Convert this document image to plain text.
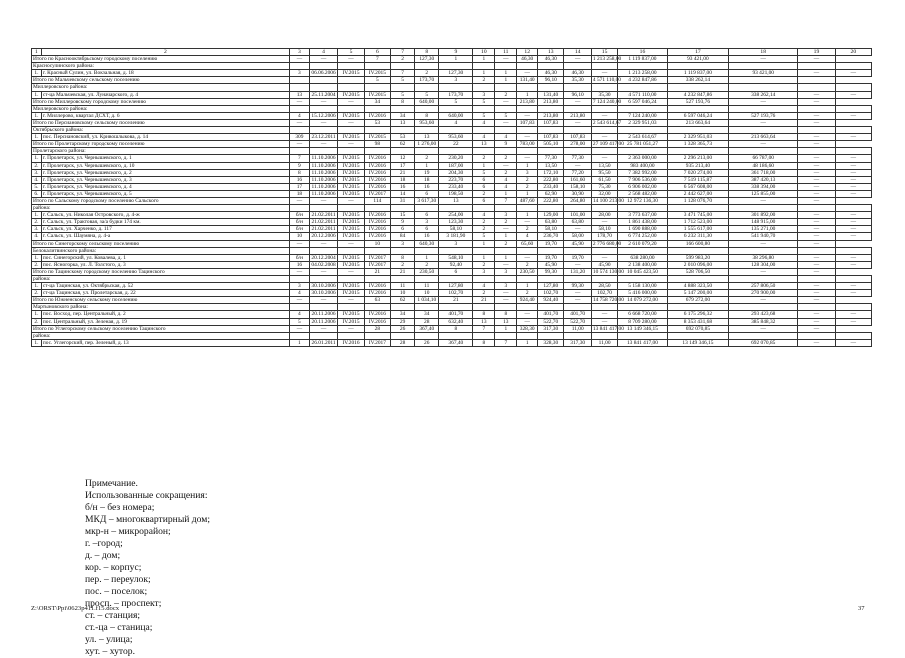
1	2	3	4	5	6	7	8	9	10	11	12	13	14	15	16	17	18	19	20
Итого по Краснооктябрьскому городскому поселению		—	—	—	7	2	127,30	1	1	—	46,30	46,30	—	1 213 258,00	1 119 837,00	93 421,00	—	—	
Красносулинского района:																			
1.	г. Красный Сулин, ул. Вокзальная, д. 18	3	06.06.2006	IV.2015	IV.2015	7	2	127,30	1	1	—	46,30	46,30	—	1 213 258,00	1 119 837,00	93 421,00	—	—
Итого по Мальчевскому сельскому поселению					5	5	173,70	3	2	1	131,40	96,10	35,30	4 571 110,00	4 232 847,86	338 262,14			
Миллеровского района:																			
1.	ст-ца Мальчевская, ул. Луначарского, д. 4	13	25.11.2004	IV.2015	IV.2015	5	5	173,70	3	2	1	131,40	96,10	35,30	4 571 110,00	4 232 847,86	338 262,14	—	—
Итого по Миллеровскому городскому поселению		—	—	—	34	8	640,00	5	5	—	213,80	213,80	—	7 124 240,00	6 597 046,24	527 193,76	—	—	
Миллеровского района:																			
1.	г. Миллерово, квартал ДСХТ, д. 6	4	15.12.2006	IV.2015	IV.2016	34	8	640,00	5	5	—	213,80	213,80	—	7 124 240,00	6 597 046,24	527 193,76	—	—
Итого по Персиановскому сельскому поселению		—	—	—	53	13	953,60	4	4	—	107,83	107,83	—	2 543 614,67	2 329 951,03	213 663,64	—	—	
Октябрьского района:																			
1.	пос. Персиановский, ул. Кривошлыкова, д. 14	309	23.12.2011	IV.2015	IV.2015	53	13	953,60	4	4	—	107,83	107,83	—	2 543 614,67	2 329 951,03	213 663,64	—	—
Итого по Пролетарскому городскому поселению		—	—	—	98	62	1 276,00	22	13	9	783,00	505,10	278,00	27 109 417,00	25 781 051,27	1 328 365,73	—	—	
Пролетарского района:																			
1.	г. Пролетарск, ул. Чернышевского, д. 1	7	11.10.2006	IV.2015	IV.2016	12	2	230,20	2	2	—	77,30	77,30	—	2 363 000,00	2 296 213,00	66 787,00	—	—
2.	г. Пролетарск, ул. Чернышевского, д. 10	9	11.10.2006	IV.2015	IV.2016	17	1	187,00	1	—	1	13,50	—	13,50	983 400,00	935 213,40	48 186,60	—	—
3.	г. Пролетарск, ул. Чернышевского, д. 2	8	11.10.2006	IV.2015	IV.2016	21	19	204,30	5	2	3	172,10	77,20	95,50	7 382 992,00	7 020 274,00	361 718,00	—	—
4.	г. Пролетарск, ул. Чернышевского, д. 3	16	11.10.2006	IV.2015	IV.2016	18	18	223,70	6	4	2	222,80	161,60	61,50	7 906 536,00	7 519 115,87	387 420,13	—	—
5.	г. Пролетарск, ул. Чернышевского, д. 4	17	11.10.2006	IV.2015	IV.2016	16	16	233,40	6	4	2	233,40	158,10	75,30	6 906 002,00	6 567 608,00	338 394,00	—	—
6.	г. Пролетарск, ул. Чернышевского, д. 5	18	11.10.2006	IV.2015	IV.2017	14	6	198,50	2	1	1	62,90	30,90	32,00	2 568 482,00	2 442 627,00	125 855,00	—	—
Итого по Сальскому городскому поселению Сальского		—	—	—	114	31	3 617,30	13	6	7	487,60	222,80	264,80	14 100 213,00	12 972 136,30	1 128 076,70	—	—	
района:																			
1.	г. Сальск, ул. Николая Островского, д. 4-ж	б/н	21.02.2011	IV.2015	IV.2016	15	6	254,00	4	3	1	129,00	101,00	28,00	3 773 637,00	3 471 745,00	301 892,00	—	—
2.	г. Сальск, ул. Трактовая, за/а будки 174 км.	б/н	21.02.2011	IV.2015	IV.2016	9	3	123,30	2	2	—	63,80	63,80	—	1 861 438,00	1 712 523,00	148 915,00	—	—
3.	г. Сальск, ул. Харченко, д. 117	б/н	21.02.2011	IV.2015	IV.2016	6	6	58,10	2	—	2	58,10	—	58,10	1 690 888,00	1 555 617,00	135 271,00	—	—
4.	г. Сальск, ул. Шаумяна, д. 4-а	10	20.12.2006	IV.2015	IV.2016	84	16	3 181,90	5	1	4	236,70	58,00	178,70	6 774 252,00	6 232 311,30	541 940,70	—	—
Итого по Синегорскому сельскому поселению		—	—	—	10	3	640,30	3	1	2	65,60	19,70	45,90	2 776 680,00	2 610 079,20	166 600,80	—	—	
Белокалитвинского района:																			
1.	пос. Синегорский, ул. Ковалева, д. 1	б/н	20.12.2004	IV.2015	IV.2017	8	1	548,10	1	1	—	19,70	19,70	—	638 280,00	599 983,20	38 296,80	—	—
2.	пос. Ясногорка, ул. Л. Толстого, д. 3	16	04.02.2008	IV.2015	IV.2017	2	2	92,40	2	—	2	45,90	—	45,90	2 138 400,00	2 010 096,00	128 304,00	—	—
Итого по Тацинскому городскому поселению Тацинского		—	—	—	21	21	230,50	6	3	3	230,50	99,30	131,20	10 574 130,00	10 045 423,50	528 706,50	—	—	
района:																			
1.	ст-ца Тацинская, ул. Октябрьская, д. 52	3	30.10.2006	IV.2015	IV.2016	11	11	127,80	4	3	1	127,80	99,30	28,50	5 158 130,00	4 888 323,50	257 806,50	—	—
2.	ст-ца Тацинская, ул. Пролетарская, д. 22	4	30.10.2006	IV.2015	IV.2016	10	10	102,70	2	—	2	102,70	—	102,70	5 416 000,00	5 147 200,00	270 900,00	—	—
Итого по Южненскому сельскому поселению		—	—	—	63	62	1 034,10	21	21	—	924,40	924,40	—	14 758 720,00	14 079 272,00	679 272,00	—	—	
Мартыновского района:																			
1.	пос. Восход, пер. Центральный, д. 2	4	20.11.2006	IV.2015	IV.2016	34	34	401,70	8	8	—	401,70	401,70	—	6 668 720,00	6 175 296,32	293 423,68	—	—
2.	пос. Центральный, ул. Зеленая, д. 19	5	20.11.2006	IV.2015	IV.2016	29	28	632,40	13	13	—	522,70	522,70	—	8 709 280,00	8 353 431,68	385 848,32	—	—
Итого по Углегорскому сельскому поселению Тацинского		—	—	—	28	26	367,40	8	7	1	328,30	317,30	11,00	13 841 417,00	13 149 346,15	692 070,85	—	—	
района:																			
1.	пос. Углегорский, пер. Зеленый, д. 13	1	26.01.2011	IV.2016	IV.2017	28	26	367,40	8	7	1	328,30	317,30	11,00	13 841 417,00	13 149 346,15	692 070,85	—	—
Примечание.
Использованные сокращения:
б/н – без номера;
МКД – многоквартирный дом;
мкр-н – микрорайон;
г. –город;
д. – дом;
кор. – корпус;
пер. – переулок;
пос. – поселок;
просп. – проспект;
ст. – станция;
ст.-ца – станица;
ул. – улица;
хут. – хутор.
Z:\ORST\Ppi\0623p411.f15.docx	37
